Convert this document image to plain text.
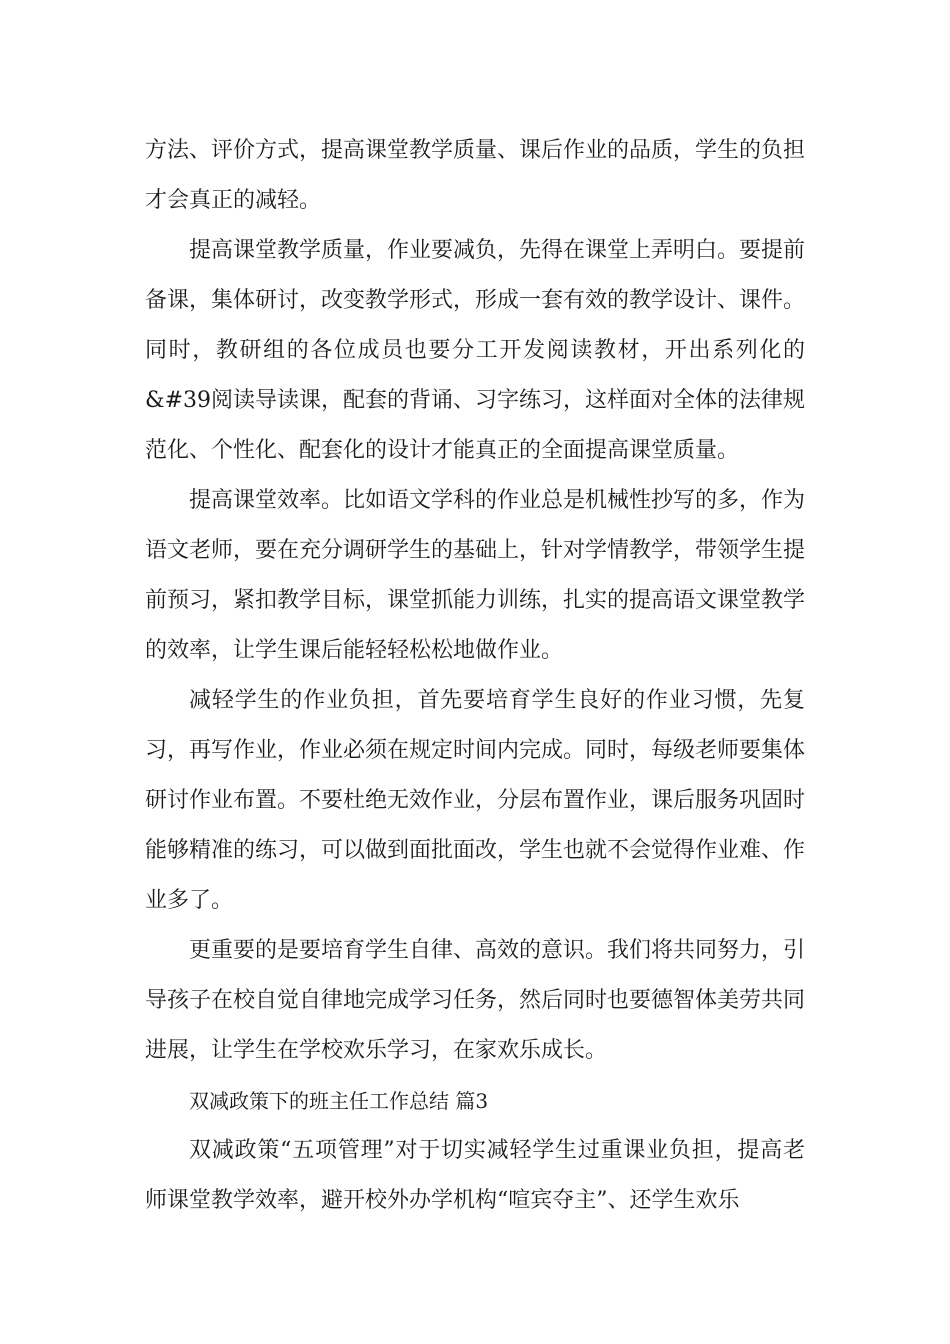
方法、评价方式，提高课堂教学质量、课后作业的品质，学生的负担才会真正的减轻。

提高课堂教学质量，作业要减负，先得在课堂上弄明白。要提前备课，集体研讨，改变教学形式，形成一套有效的教学设计、课件。同时，教研组的各位成员也要分工开发阅读教材，开出系列化的&#39阅读导读课，配套的背诵、习字练习，这样面对全体的法律规范化、个性化、配套化的设计才能真正的全面提高课堂质量。

提高课堂效率。比如语文学科的作业总是机械性抄写的多，作为语文老师，要在充分调研学生的基础上，针对学情教学，带领学生提前预习，紧扣教学目标，课堂抓能力训练，扎实的提高语文课堂教学的效率，让学生课后能轻轻松松地做作业。

减轻学生的作业负担，首先要培育学生良好的作业习惯，先复习，再写作业，作业必须在规定时间内完成。同时，每级老师要集体研讨作业布置。不要杜绝无效作业，分层布置作业，课后服务巩固时能够精准的练习，可以做到面批面改，学生也就不会觉得作业难、作业多了。

更重要的是要培育学生自律、高效的意识。我们将共同努力，引导孩子在校自觉自律地完成学习任务，然后同时也要德智体美劳共同进展，让学生在学校欢乐学习，在家欢乐成长。

双减政策下的班主任工作总结 篇3

双减政策“五项管理”对于切实减轻学生过重课业负担，提高老师课堂教学效率，避开校外办学机构“喧宾夺主”、还学生欢乐
